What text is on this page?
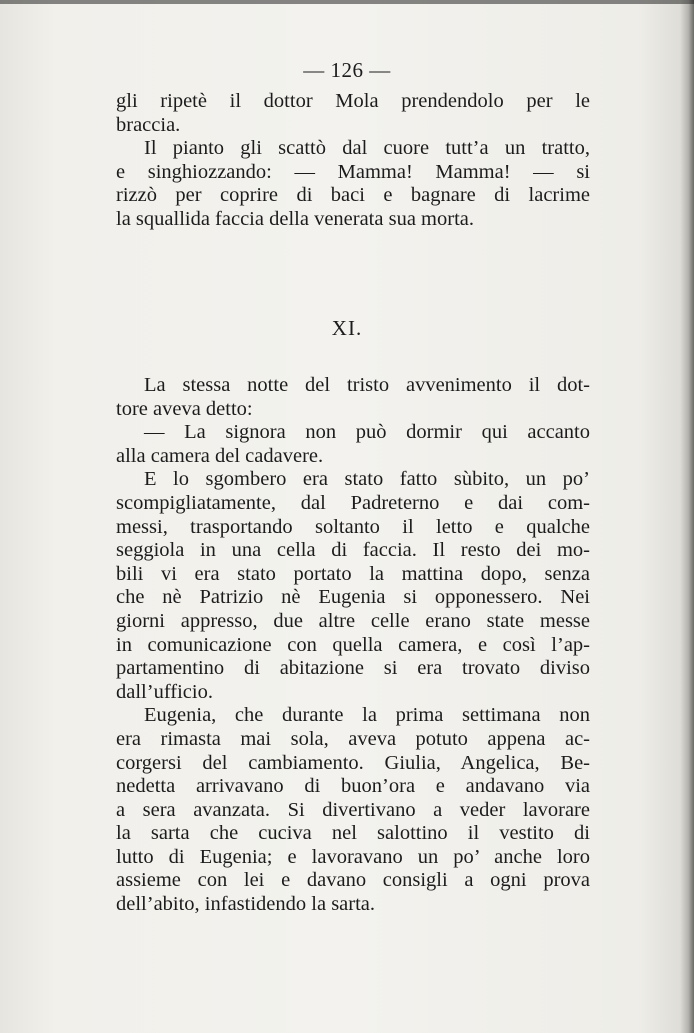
— 126 —
gli ripetè il dottor Mola prendendolo per le
braccia.
Il pianto gli scattò dal cuore tutt’a un tratto,
e singhiozzando: — Mamma! Mamma! — si
rizzò per coprire di baci e bagnare di lacrime
la squallida faccia della venerata sua morta.
XI.
La stessa notte del tristo avvenimento il dot-
tore aveva detto:
— La signora non può dormir qui accanto
alla camera del cadavere.
E lo sgombero era stato fatto sùbito, un po’
scompigliatamente, dal Padreterno e dai com-
messi, trasportando soltanto il letto e qualche
seggiola in una cella di faccia. Il resto dei mo-
bili vi era stato portato la mattina dopo, senza
che nè Patrizio nè Eugenia si opponessero. Nei
giorni appresso, due altre celle erano state messe
in comunicazione con quella camera, e così l’ap-
partamentino di abitazione si era trovato diviso
dall’ufficio.
Eugenia, che durante la prima settimana non
era rimasta mai sola, aveva potuto appena ac-
corgersi del cambiamento. Giulia, Angelica, Be-
nedetta arrivavano di buon’ora e andavano via
a sera avanzata. Si divertivano a veder lavorare
la sarta che cuciva nel salottino il vestito di
lutto di Eugenia; e lavoravano un po’ anche loro
assieme con lei e davano consigli a ogni prova
dell’abito, infastidendo la sarta.
